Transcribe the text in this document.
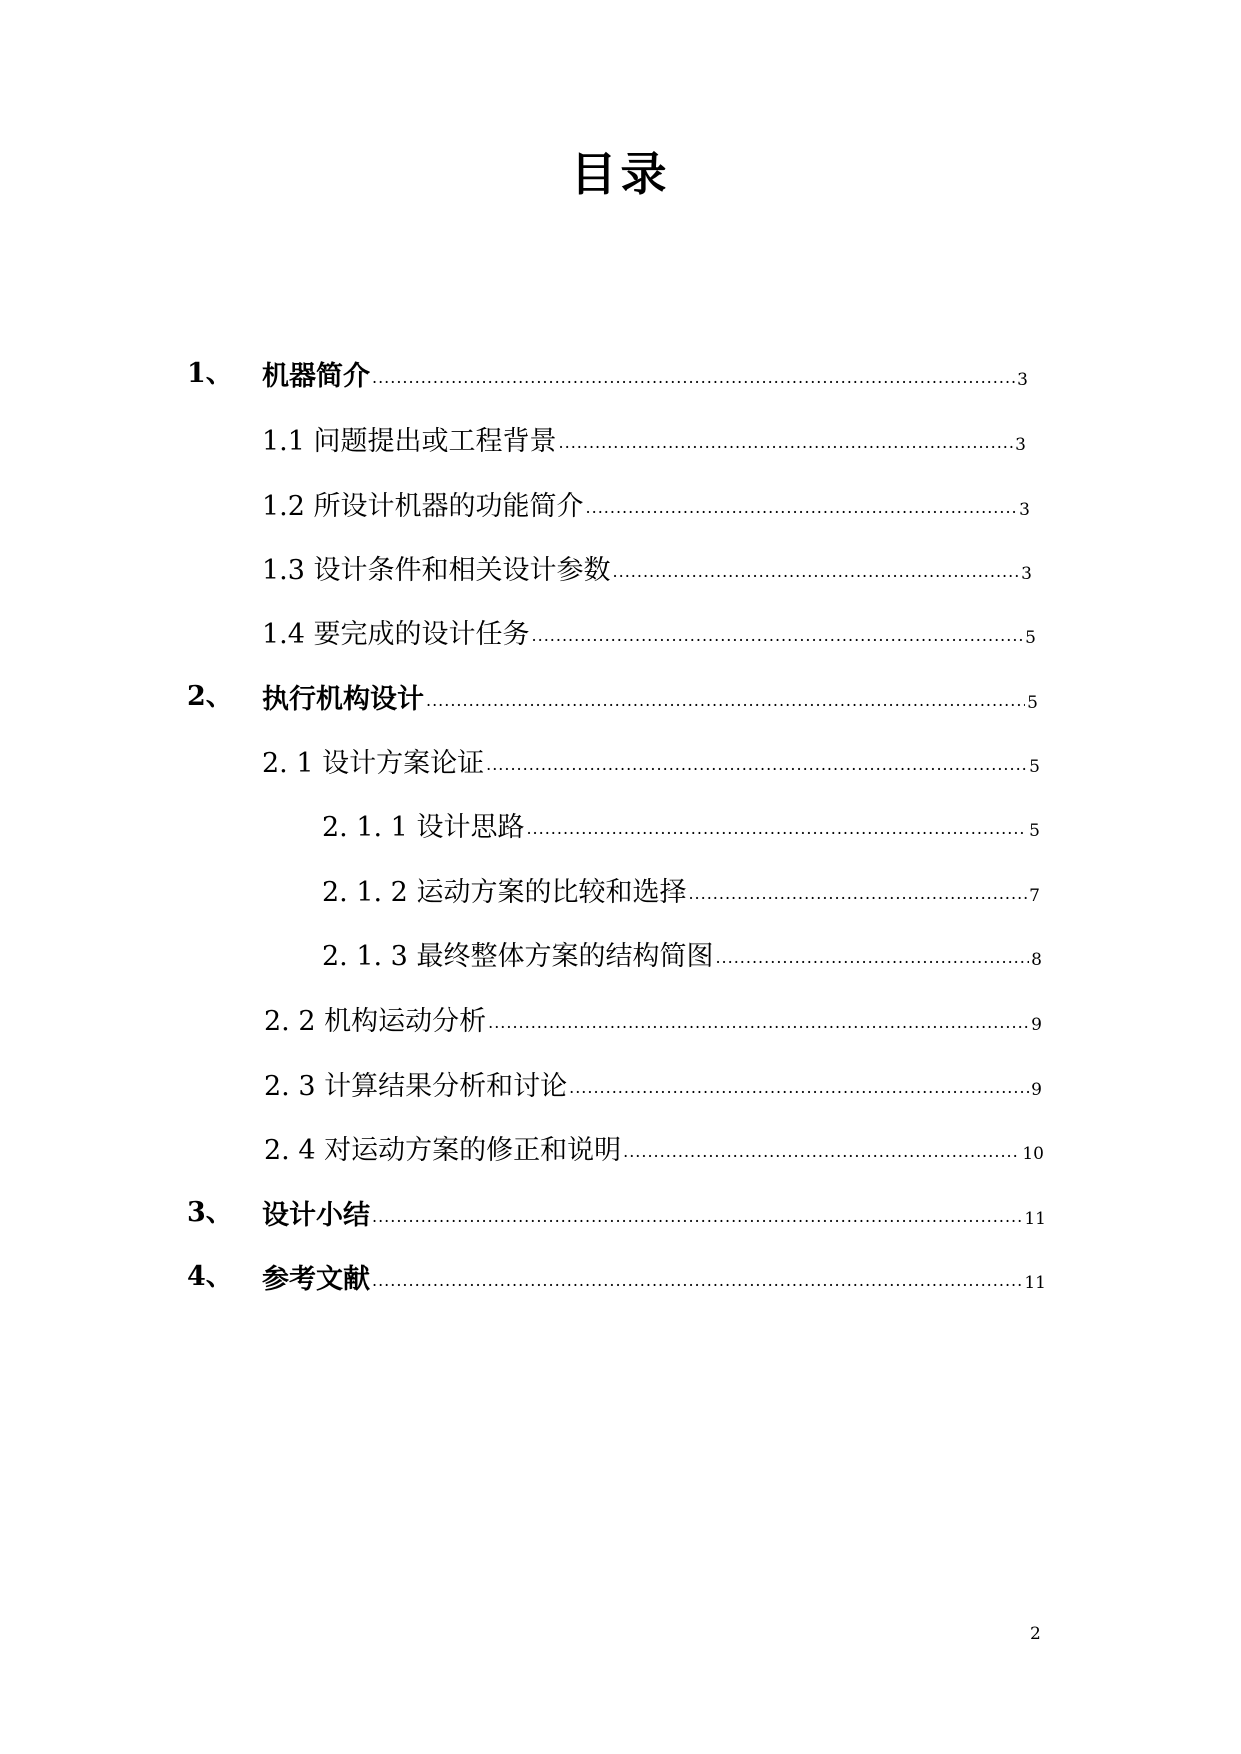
目录
1、 机器简介 .....	3
1.1 问题提出或工程背景 .....	3
1.2 所设计机器的功能简介 .....	3
1.3 设计条件和相关设计参数 .....	3
1.4 要完成的设计任务 .....	5
2、 执行机构设计 .....	5
2. 1 设计方案论证 .....	5
2. 1. 1 设计思路 .....	5
2. 1. 2 运动方案的比较和选择 .....	7
2. 1. 3 最终整体方案的结构简图 .....	8
2. 2 机构运动分析 .....	9
2. 3 计算结果分析和讨论 .....	9
2. 4 对运动方案的修正和说明 .....	10
3、 设计小结 .....	11
4、 参考文献 .....	11
2
